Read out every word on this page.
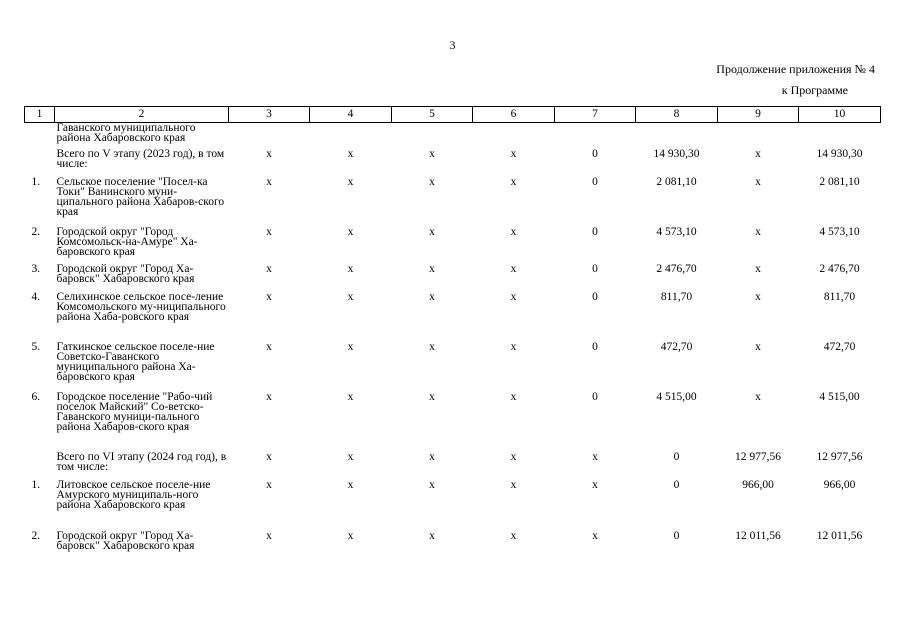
3
Продолжение приложения № 4
к Программе
1	2	3	4	5	6	7	8	9	10
	Гаванского муниципального района Хабаровского края								
	Всего по V этапу (2023 год), в том числе:	х	х	х	х	0	14 930,30	х	14 930,30
1.	Сельское поселение "Посел-ка Токи" Ванинского муни-ципального района Хабаров-ского края	х	х	х	х	0	2 081,10	х	2 081,10
2.	Городской округ "Город Комсомольск-на-Амуре" Ха-баровского края	х	х	х	х	0	4 573,10	х	4 573,10
3.	Городской округ "Город Ха-баровск" Хабаровского края	х	х	х	х	0	2 476,70	х	2 476,70
4.	Селихинское сельское посе-ление Комсомольского му-ниципального района Хаба-ровского края	х	х	х	х	0	811,70	х	811,70
5.	Гаткинское сельское поселе-ние Советско-Гаванского муниципального района Ха-баровского края	х	х	х	х	0	472,70	х	472,70
6.	Городское поселение "Рабо-чий поселок Майский" Со-ветско-Гаванского муници-пального района Хабаров-ского края	х	х	х	х	0	4 515,00	х	4 515,00
	Всего по VI этапу (2024 год год), в том числе:	х	х	х	х	х	0	12 977,56	12 977,56
1.	Литовское сельское поселе-ние Амурского муниципаль-ного района Хабаровского края	х	х	х	х	х	0	966,00	966,00
2.	Городской округ "Город Ха-баровск" Хабаровского края	х	х	х	х	х	0	12 011,56	12 011,56
